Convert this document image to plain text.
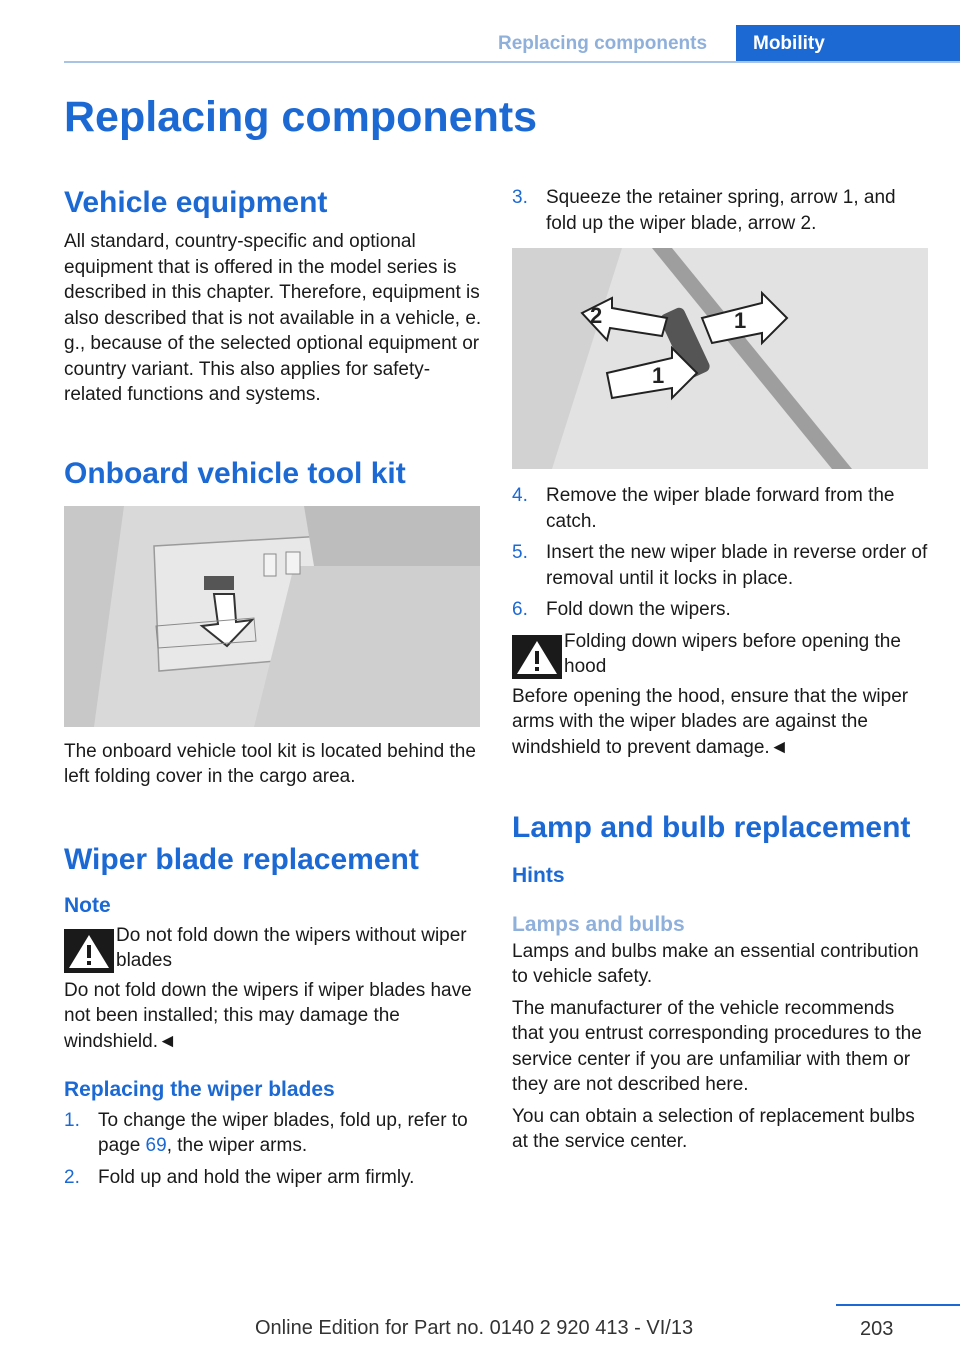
Replacing components	Mobility
Replacing components
Vehicle equipment

All standard, country-specific and optional equipment that is offered in the model series is described in this chapter. Therefore, equipment is also described that is not available in a vehicle, e. g., because of the selected optional equipment or country variant. This also applies for safety-related functions and systems.

Onboard vehicle tool kit

The onboard vehicle tool kit is located behind the left folding cover in the cargo area.

Wiper blade replacement
Note
Do not fold down the wipers without wiper blades

Do not fold down the wipers if wiper blades have not been installed; this may damage the windshield.◄

Replacing the wiper blades
1. To change the wiper blades, fold up, refer to page 69, the wiper arms.
2. Fold up and hold the wiper arm firmly.
3. Squeeze the retainer spring, arrow 1, and fold up the wiper blade, arrow 2.
1
1
2
4. Remove the wiper blade forward from the catch.
5. Insert the new wiper blade in reverse order of removal until it locks in place.
6. Fold down the wipers.
Folding down wipers before opening the hood

Before opening the hood, ensure that the wiper arms with the wiper blades are against the windshield to prevent damage.◄

Lamp and bulb replacement
Hints
Lamps and bulbs

Lamps and bulbs make an essential contribution to vehicle safety.

The manufacturer of the vehicle recommends that you entrust corresponding procedures to the service center if you are unfamiliar with them or they are not described here.

You can obtain a selection of replacement bulbs at the service center.

203
Online Edition for Part no. 0140 2 920 413 - VI/13
